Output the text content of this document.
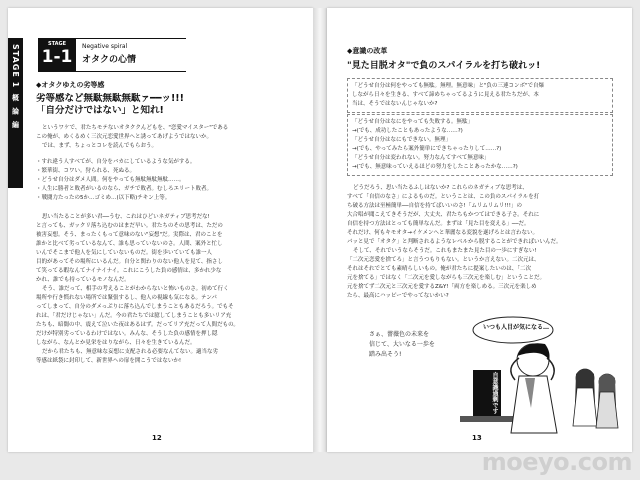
STAGE 1
概 論 編
STAGE
1-1
Negative spiral
オタクの心情
◆オタクゆえの劣等感
劣等感など無駄無駄無駄ァ━━ッ!!!
「自分だけではない」と知れ!
というワケで、君たちモテないオタククんどもを、"恋愛マイスター"である
この俺が、めくるめく三次元恋愛世界へと誘ってあげようではないか。
では、まず、ちょっとコレを読んでもらおう。
・すれ違う人すべてが、自分をバカにしているような気がする。
・繁華街、コワい。狩られる、死ぬる。
・どうせ自分はダメ人間。何をやっても無駄無駄無駄……。
・人生に勝者と敗者がいるのなら、ガチで敗者。むしろエリート敗者。
・戦闘力たったの5か…ゴミめ…(以下略)チキン上等。
思い当たることが多い君──うむ、これはひどいネガティブ思考だな!
と言っても、ガックリ落ち込むのはまだ早い。君たちのその思考は、ただの
被害妄想。そう、まったくもって意味のない"妄想"だ。実際は、君のことを
誰かと比べて劣っているなんて、誰も思っていないのさ。人間、案外と忙し
いんでそこまで他人を気にしていないものだ。街を歩いていても誰一人
目的があってその場所にいるんだ。自分と関わりのない他人を見て、指さし
て笑ってる暇なんてナイナイナイ。これにこうした負の感情は、多かれ少な
かれ、誰でも持っているモノなんだ。
そう、誰だって、相手の考えることがわからないと怖いものさ。初めて行く
場所や行き慣れない場所では緊張するし、他人の視線も気になる。テンパ
ってしまって、自分のダメっぷりに落ち込んでしまうこともあるだろう。でもそ
れは、「君だけじゃない」んだ。今の君たちでは臆してしまうことも多いリア充
たちも、暗闇の中、震えて泣いた夜はあるはず。だってリア充だって人間だもの。
だけが特別劣っているわけではない。みんな、そうした負の感情を押し隠
しながら、なんとか見栄をはりながら、日々を生きているんだ。
だから君たちも、無意味な妄想に支配される必要なんてない。適当な劣
等感は紙袋に封印して、新世界への扉を開こうではないか!
12
◆意識の改革
"見た目脱オタ"で負のスパイラルを打ち破れッ!
「どうせ自分は何をやっても無駄。無理。無意味」と"負の三連コンボ"で自爆
しながら日々を生きる、すべて諦めちゃってるように見える君たちだが、本
当は、そうではないんじゃないか?
「どうせ自分はなにをやっても失敗する。無駄」
→(でも、成功したこともあったような……?)
「どうせ自分はなにもできない。無理」
→(でも、やってみたら案外簡単にできちゃったりして……?)
「どうせ自分は変われない。努力なんてすべて無意味」
→(でも、無意味っていえるほどの努力をしたことあったかな……?)
どうだろう、思い当たるふしはないか? これらのネガティブな思考は、
すべて「自信のなさ」によるものだ。ということは、この負のスパイラルを打
ち破る方法は至極簡単──自信を持てばいいのさ!「ムリムリムリ!!!」の
大合唱が聞こえてきそうだが、大丈夫、君たちもかつてはできる子さ。それに
自信を持つ方法はとっても簡単なんだ。まずは「見た目を変える」──だ。
それだけ、何もキモオタ→イケメンへと華麗なる変貌を遂げろとは言わない。
パッと見で「オタク」と判断されるようなレベルから脱することができればいいんだ。
そして、それでいうならそうだ。これもまたまた見た目の一歩にすぎない!
「二次元恋愛を捨てろ」と言うつもりもない。というか言えない。二次元は、
それはそれでとても素晴らしいもの。俺が君たちに提案したいのは、「二次
元を捨てる」ではなく「二次元を愛しながらも三次元を楽しむ」ということだ。
元を捨てず二次元と三次元を愛するZ&Y!「両方を楽しめる。三次元を楽しめ
たら、最高にハッピーでやってないかい?
さぁ、薔薇色の未来を
信じて、大いなる一歩を
踏み出そう!
いつも人目が気になる…
自意識過剰です
13
moeyo.com
